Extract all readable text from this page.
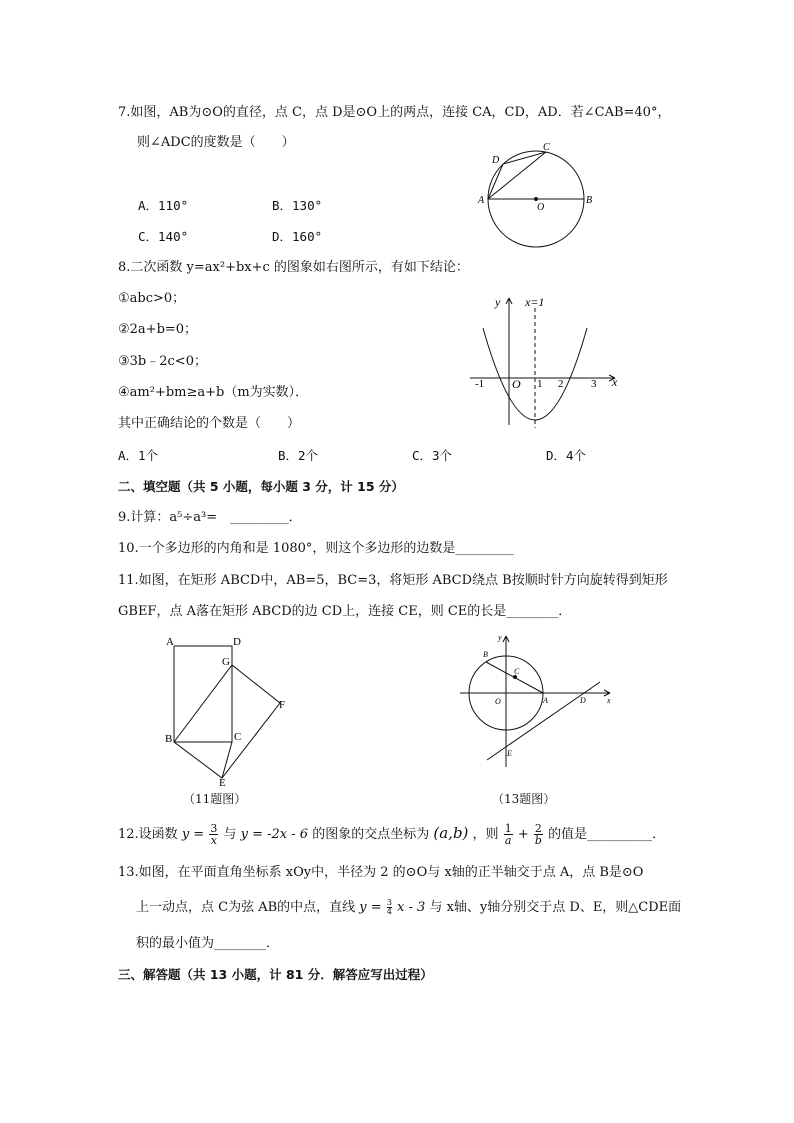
7.如图，AB为⊙O的直径，点 C，点 D是⊙O上的两点，连接 CA，CD，AD．若∠CAB=40°，
则∠ADC的度数是（　　）
A．110°	B．130°
C．140°	D．160°
D
C
A
O
B
8.二次函数 y=ax²+bx+c 的图象如右图所示，有如下结论：
①abc>0；
②2a+b=0；
③3b﹣2c<0；
④am²+bm≥a+b（m为实数）．
其中正确结论的个数是（　　）
A．1个	B．2个	C．3个	D．4个
y x=1
x
O
-1	1 2	3
二、填空题（共 5 小题，每小题 3 分，计 15 分）
9.计算：a⁵÷a³=　_________．
10.一个多边形的内角和是 1080°，则这个多边形的边数是_________
11.如图，在矩形 ABCD中，AB=5，BC=3，将矩形 ABCD绕点 B按顺时针方向旋转得到矩形
GBEF，点 A落在矩形 ABCD的边 CD上，连接 CE，则 CE的长是________．
A	D
G
F
B	C
E
（11题图）
y
B
C
O	A	D	x
E
（13题图）
12.设函数 $y = \frac{3}{x}$ 与 y = -2x - 6 的图象的交点坐标为 (a,b) ，则 $\frac{1}{a} + \frac{2}{b}$ 的值是__________．
13.如图，在平面直角坐标系 xOy中，半径为 2 的⊙O与 x轴的正半轴交于点 A，点 B是⊙O
上一动点，点 C为弦 AB的中点，直线 $y = \frac{3}{4}$ x - 3 与 x轴、y轴分别交于点 D、E，则△CDE面
积的最小值为________．
三、解答题（共 13 小题，计 81 分．解答应写出过程）
